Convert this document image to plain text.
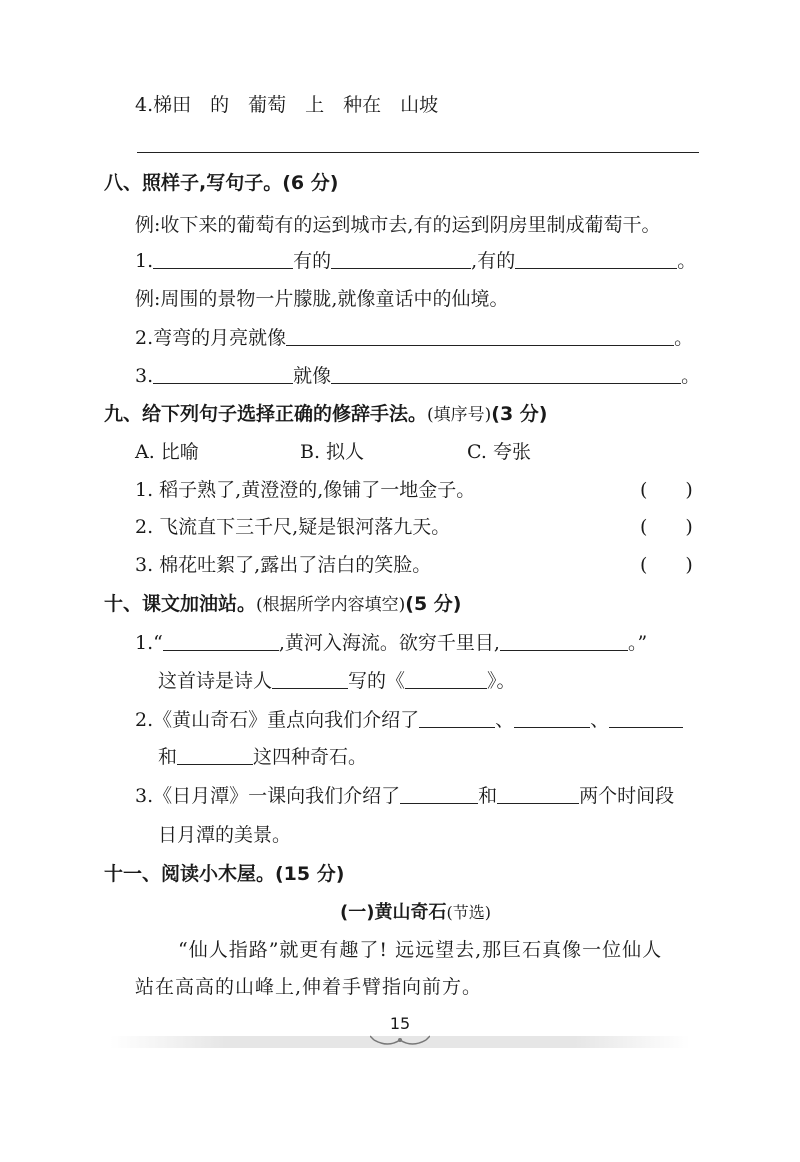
4.梯田　的　葡萄　上　种在　山坡
八、照样子,写句子。(6 分)
例:收下来的葡萄有的运到城市去,有的运到阴房里制成葡萄干。
1.	有的	,有的	。
例:周围的景物一片朦胧,就像童话中的仙境。
2.弯弯的月亮就像	。
3.	就像	。
九、给下列句子选择正确的修辞手法。(填序号)(3 分)
A. 比喻	B. 拟人	C. 夸张
1. 稻子熟了,黄澄澄的,像铺了一地金子。	(　　)
2. 飞流直下三千尺,疑是银河落九天。	(　　)
3. 棉花吐絮了,露出了洁白的笑脸。	(　　)
十、课文加油站。(根据所学内容填空)(5 分)
1.“	,黄河入海流。欲穷千里目,	。”
这首诗是诗人	写的《	》。
2.《黄山奇石》重点向我们介绍了	、	、
和	这四种奇石。
3.《日月潭》一课向我们介绍了	和	两个时间段
日月潭的美景。
十一、阅读小木屋。(15 分)
(一)黄山奇石(节选)
“仙人指路”就更有趣了! 远远望去,那巨石真像一位仙人
站在高高的山峰上,伸着手臂指向前方。
15
